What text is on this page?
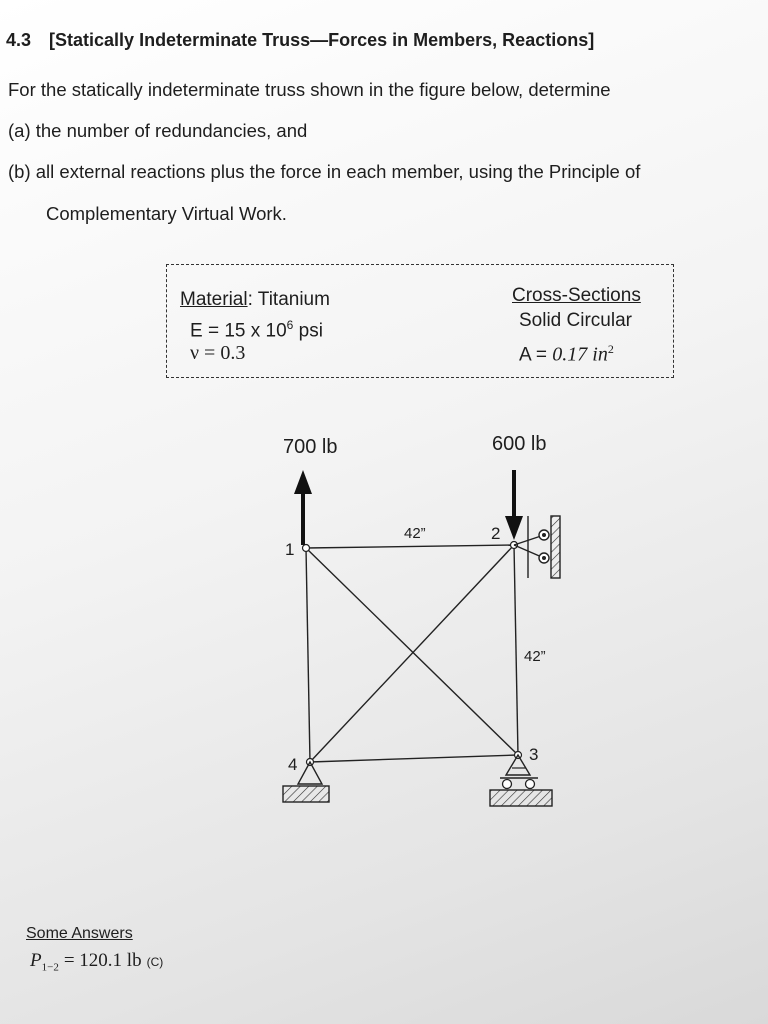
4.3 [Statically Indeterminate Truss—Forces in Members, Reactions]
For the statically indeterminate truss shown in the figure below, determine
(a) the number of redundancies, and
(b) all external reactions plus the force in each member, using the Principle of
Complementary Virtual Work.
Material: Titanium
E = 15 x $10^6$ psi
ν = 0.3
Cross-Sections
Solid Circular
A = 0.17 $in^2$
700 lb	600 lb
42”
42”
1
2
3
4
Some Answers
$P_{1-2} = 120.1$ lb (C)
